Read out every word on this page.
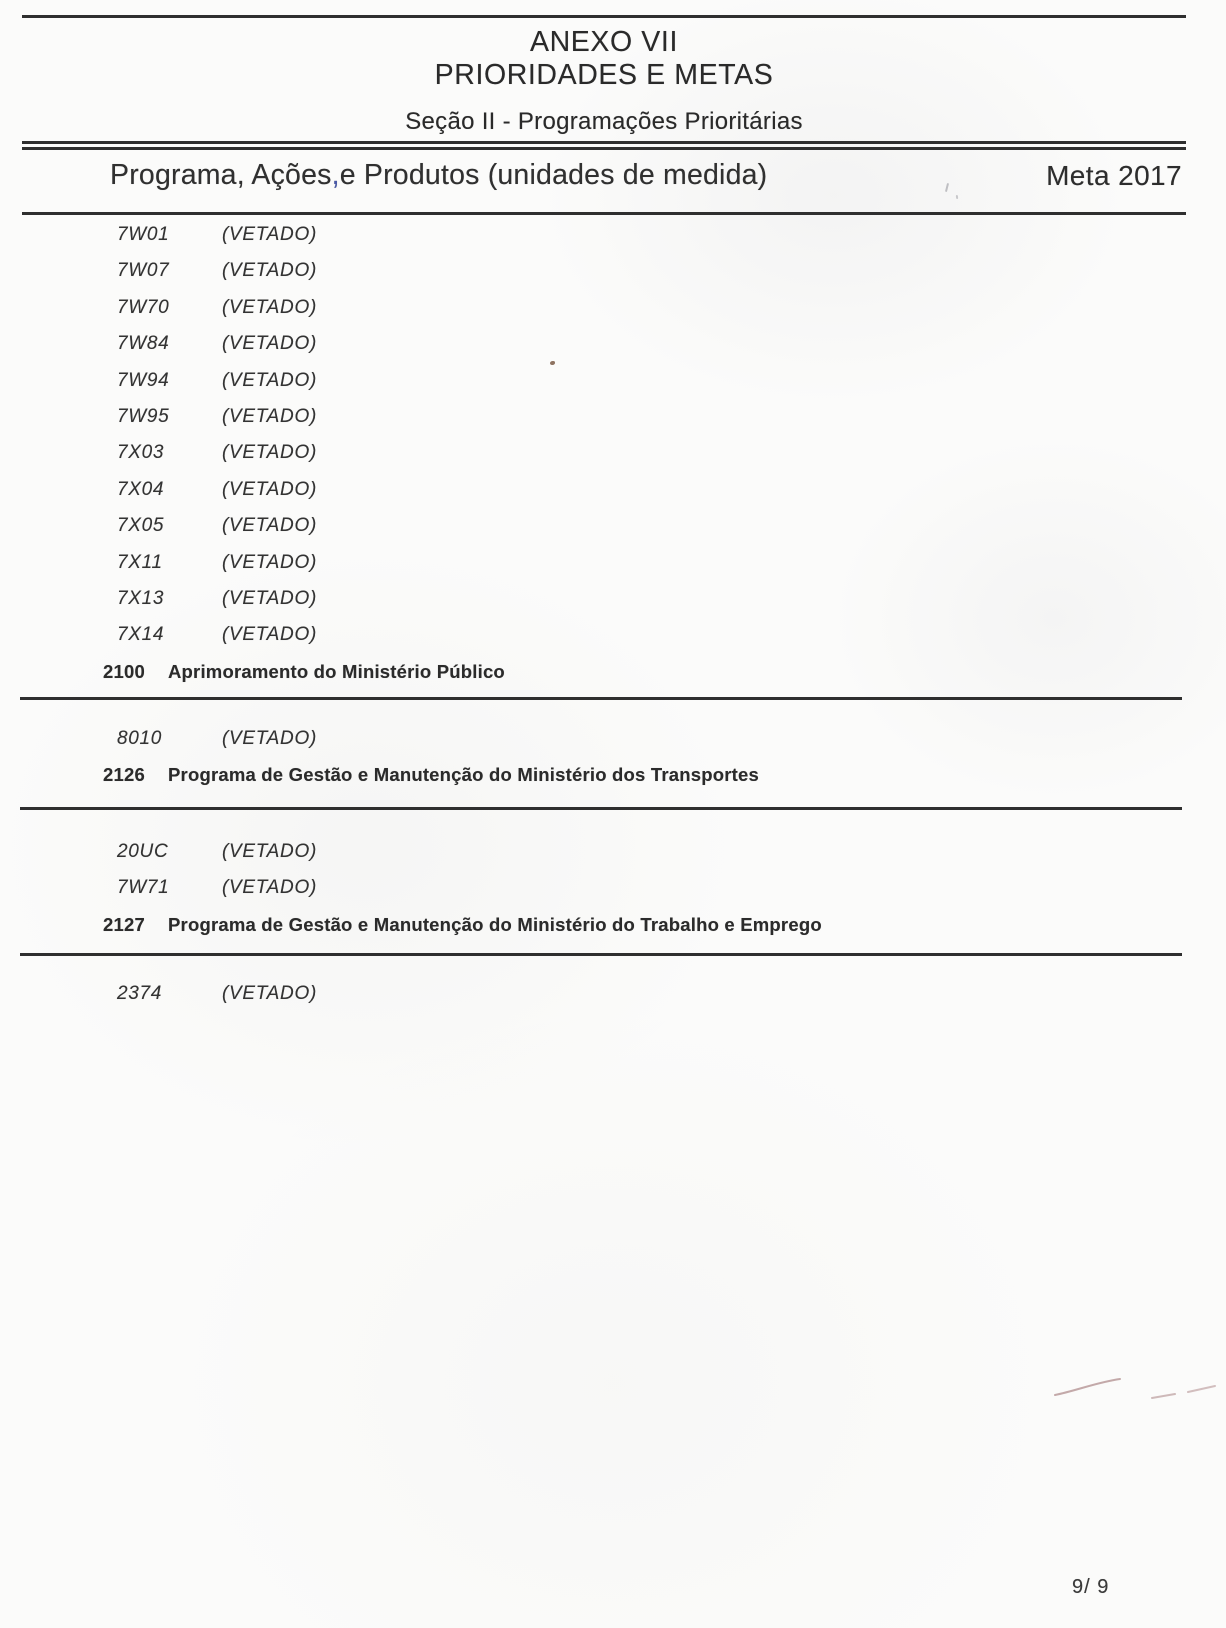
ANEXO VII
PRIORIDADES E METAS
Seção II - Programações Prioritárias
Programa, Ações,e Produtos (unidades de medida)	Meta 2017
7W01	(VETADO)
7W07	(VETADO)
7W70	(VETADO)
7W84	(VETADO)
7W94	(VETADO)
7W95	(VETADO)
7X03	(VETADO)
7X04	(VETADO)
7X05	(VETADO)
7X11	(VETADO)
7X13	(VETADO)
7X14	(VETADO)
2100 Aprimoramento do Ministério Público
8010	(VETADO)
2126 Programa de Gestão e Manutenção do Ministério dos Transportes
20UC	(VETADO)
7W71	(VETADO)
2127 Programa de Gestão e Manutenção do Ministério do Trabalho e Emprego
2374	(VETADO)
9/ 9
